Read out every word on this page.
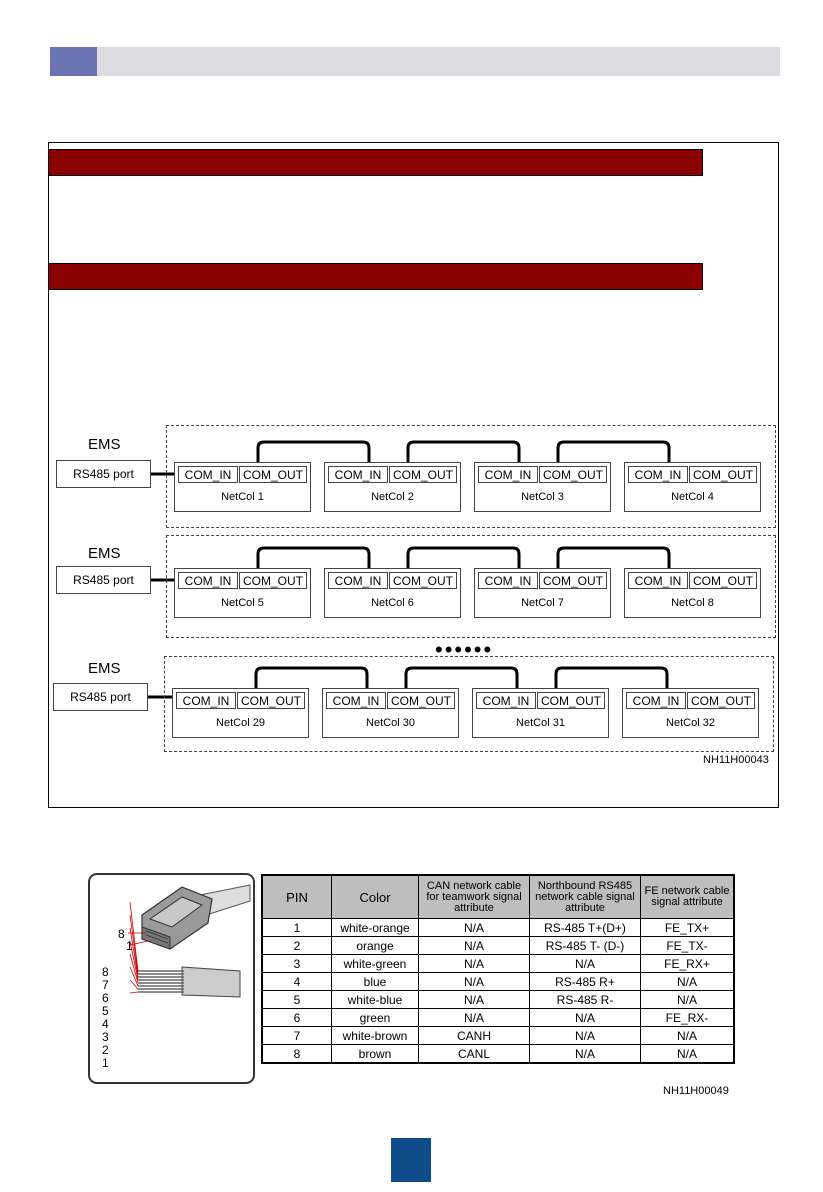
EMS
RS485 port	COM_IN COM_OUT
NetCol 1
COM_IN COM_OUT
NetCol 2
COM_IN COM_OUT
NetCol 3
COM_IN COM_OUT
NetCol 4
EMS
RS485 port	COM_IN COM_OUT
NetCol 5
COM_IN COM_OUT
NetCol 6
COM_IN COM_OUT
NetCol 7
COM_IN COM_OUT
NetCol 8
••••••
EMS
RS485 port	COM_IN COM_OUT
NetCol 29
COM_IN COM_OUT
NetCol 30
COM_IN COM_OUT
NetCol 31
COM_IN COM_OUT
NetCol 32
NH11H00043
8
1
8
7
6
5
4
3
2
1
PIN	Color	CAN network cable for teamwork signal attribute	Northbound RS485 network cable signal attribute	FE network cable signal attribute
1	white-orange	N/A	RS-485 T+(D+)	FE_TX+
2	orange	N/A	RS-485 T- (D-)	FE_TX-
3	white-green	N/A	N/A	FE_RX+
4	blue	N/A	RS-485 R+	N/A
5	white-blue	N/A	RS-485 R-	N/A
6	green	N/A	N/A	FE_RX-
7	white-brown	CANH	N/A	N/A
8	brown	CANL	N/A	N/A
NH11H00049
